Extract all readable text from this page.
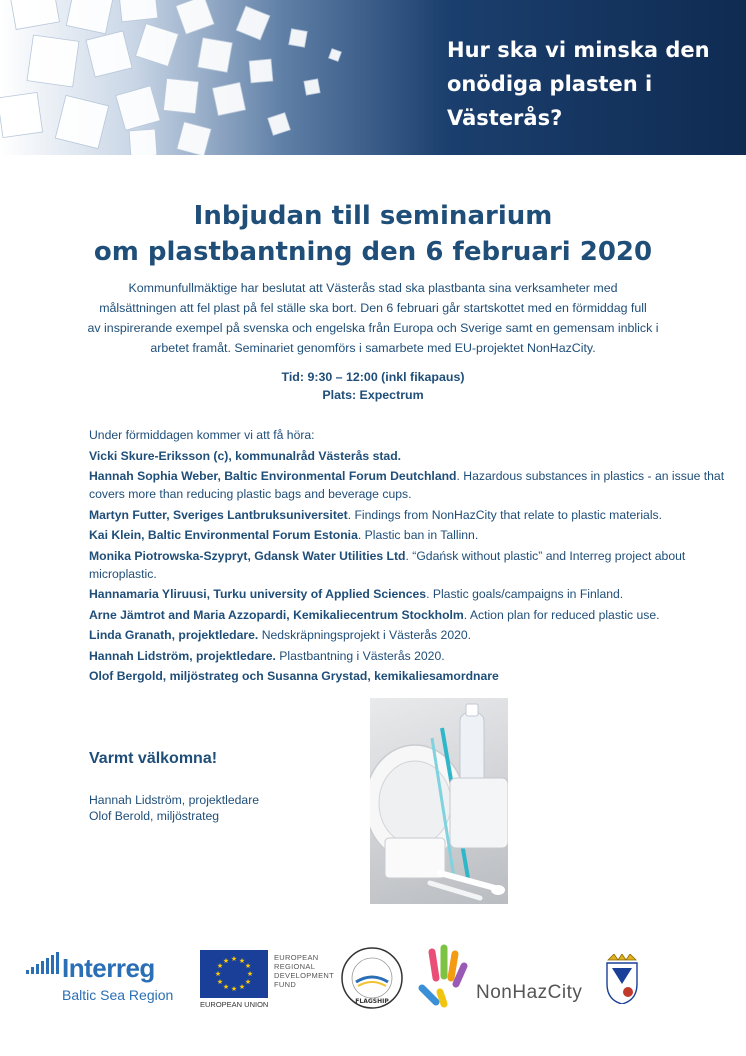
Hur ska vi minska den
onödiga plasten i
Västerås?
Inbjudan till seminarium
om plastbantning den 6 februari 2020
Kommunfullmäktige har beslutat att Västerås stad ska plastbanta sina verksamheter med
målsättningen att fel plast på fel ställe ska bort. Den 6 februari går startskottet med en förmiddag full
av inspirerande exempel på svenska och engelska från Europa och Sverige samt en gemensam inblick i
arbetet framåt. Seminariet genomförs i samarbete med EU-projektet NonHazCity.
Tid: 9:30 – 12:00 (inkl fikapaus)
Plats: Expectrum
Under förmiddagen kommer vi att få höra:
Vicki Skure-Eriksson (c), kommunalråd Västerås stad.
Hannah Sophia Weber, Baltic Environmental Forum Deutchland. Hazardous substances in plastics - an issue that covers more than reducing plastic bags and beverage cups.
Martyn Futter, Sveriges Lantbruksuniversitet. Findings from NonHazCity that relate to plastic materials.
Kai Klein, Baltic Environmental Forum Estonia. Plastic ban in Tallinn.
Monika Piotrowska-Szypryt, Gdansk Water Utilities Ltd. “Gdańsk without plastic” and Interreg project about microplastic.
Hannamaria Yliruusi, Turku university of Applied Sciences. Plastic goals/campaigns in Finland.
Arne Jämtrot and Maria Azzopardi, Kemikaliecentrum Stockholm. Action plan for reduced plastic use.
Linda Granath, projektledare. Nedskräpningsprojekt i Västerås 2020.
Hannah Lidström, projektledare. Plastbantning i Västerås 2020.
Olof Bergold, miljöstrateg och Susanna Grystad, kemikaliesamordnare
Varmt välkomna!
Hannah Lidström, projektledare
Olof Berold, miljöstrateg
Interreg
Baltic Sea Region
★ ★
★
★
★
★
★
★
★
★
★
★	EUROPEAN
REGIONAL
DEVELOPMENT
FUND
EUROPEAN UNION	FLAGSHIP	NonHazCity
